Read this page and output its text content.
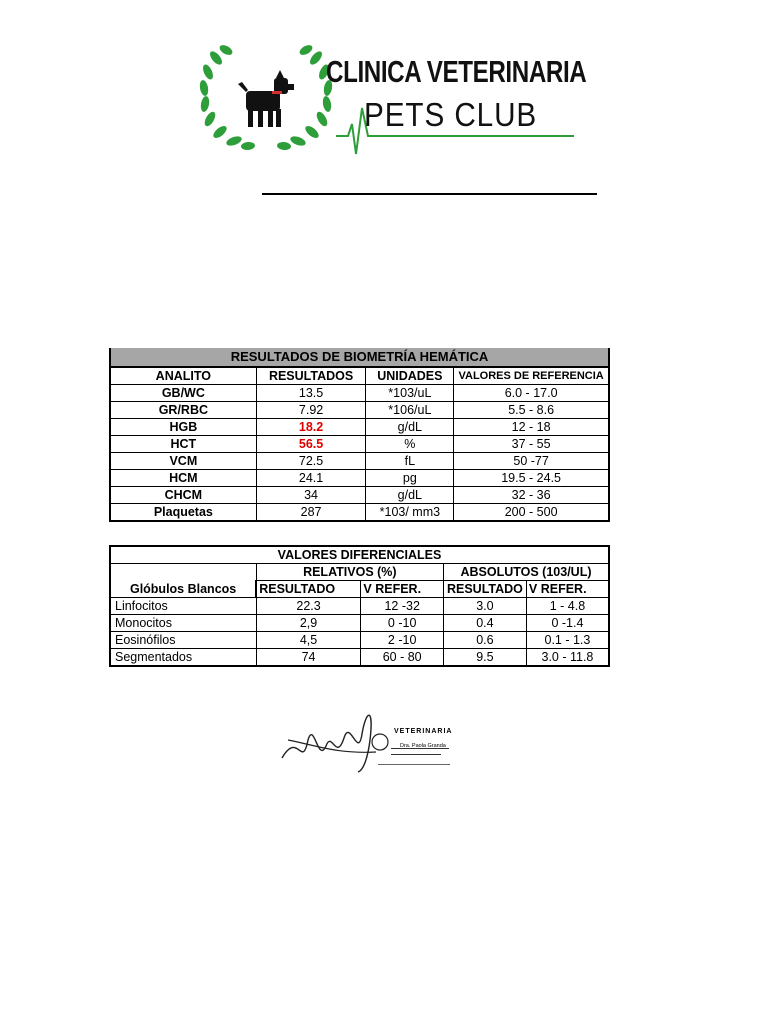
CLINICA VETERINARIA
PETS CLUB
RESULTADOS DE BIOMETRÍA HEMÁTICA			
ANALITO	RESULTADOS	UNIDADES	VALORES DE REFERENCIA
GB/WC	13.5	*103/uL	6.0 - 17.0
GR/RBC	7.92	*106/uL	5.5 - 8.6
HGB	18.2	g/dL	12 - 18
HCT	56.5	%	37 - 55
VCM	72.5	fL	50 -77
HCM	24.1	pg	19.5 - 24.5
CHCM	34	g/dL	32 - 36
Plaquetas	287	*103/ mm3	200 - 500
VALORES DIFERENCIALES				
Glóbulos Blancos	RELATIVOS (%)		ABSOLUTOS (103/UL)	
	RESULTADO	V REFER.	RESULTADO	V REFER.
Linfocitos	22.3	12 -32	3.0	1 - 4.8
Monocitos	2,9	0 -10	0.4	0 -1.4
Eosinófilos	4,5	2 -10	0.6	0.1 - 1.3
Segmentados	74	60 - 80	9.5	3.0 - 11.8
VETERINARIA
Dra. Paola Granda
